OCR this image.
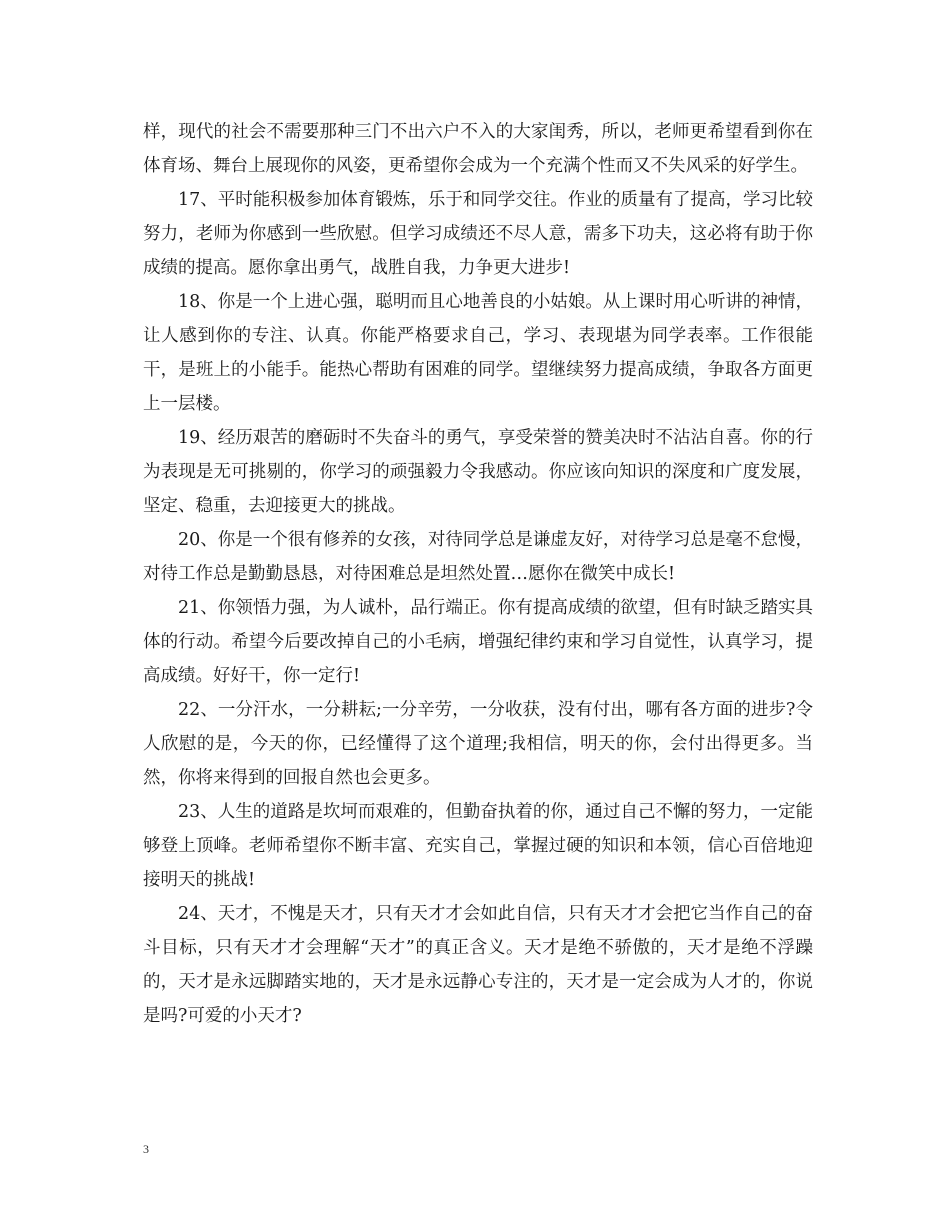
样，现代的社会不需要那种三门不出六户不入的大家闺秀，所以，老师更希望看到你在体育场、舞台上展现你的风姿，更希望你会成为一个充满个性而又不失风采的好学生。

17、平时能积极参加体育锻炼，乐于和同学交往。作业的质量有了提高，学习比较努力，老师为你感到一些欣慰。但学习成绩还不尽人意，需多下功夫，这必将有助于你成绩的提高。愿你拿出勇气，战胜自我，力争更大进步!

18、你是一个上进心强，聪明而且心地善良的小姑娘。从上课时用心听讲的神情，让人感到你的专注、认真。你能严格要求自己，学习、表现堪为同学表率。工作很能干，是班上的小能手。能热心帮助有困难的同学。望继续努力提高成绩，争取各方面更上一层楼。

19、经历艰苦的磨砺时不失奋斗的勇气，享受荣誉的赞美决时不沾沾自喜。你的行为表现是无可挑剔的，你学习的顽强毅力令我感动。你应该向知识的深度和广度发展，坚定、稳重，去迎接更大的挑战。

20、你是一个很有修养的女孩，对待同学总是谦虚友好，对待学习总是毫不怠慢，对待工作总是勤勤恳恳，对待困难总是坦然处置…愿你在微笑中成长!

21、你领悟力强，为人诚朴，品行端正。你有提高成绩的欲望，但有时缺乏踏实具体的行动。希望今后要改掉自己的小毛病，增强纪律约束和学习自觉性，认真学习，提高成绩。好好干，你一定行!

22、一分汗水，一分耕耘;一分辛劳，一分收获，没有付出，哪有各方面的进步?令人欣慰的是，今天的你，已经懂得了这个道理;我相信，明天的你，会付出得更多。当然，你将来得到的回报自然也会更多。

23、人生的道路是坎坷而艰难的，但勤奋执着的你，通过自己不懈的努力，一定能够登上顶峰。老师希望你不断丰富、充实自己，掌握过硬的知识和本领，信心百倍地迎接明天的挑战!

24、天才，不愧是天才，只有天才才会如此自信，只有天才才会把它当作自己的奋斗目标，只有天才才会理解“天才”的真正含义。天才是绝不骄傲的，天才是绝不浮躁的，天才是永远脚踏实地的，天才是永远静心专注的，天才是一定会成为人才的，你说是吗?可爱的小天才?

3
